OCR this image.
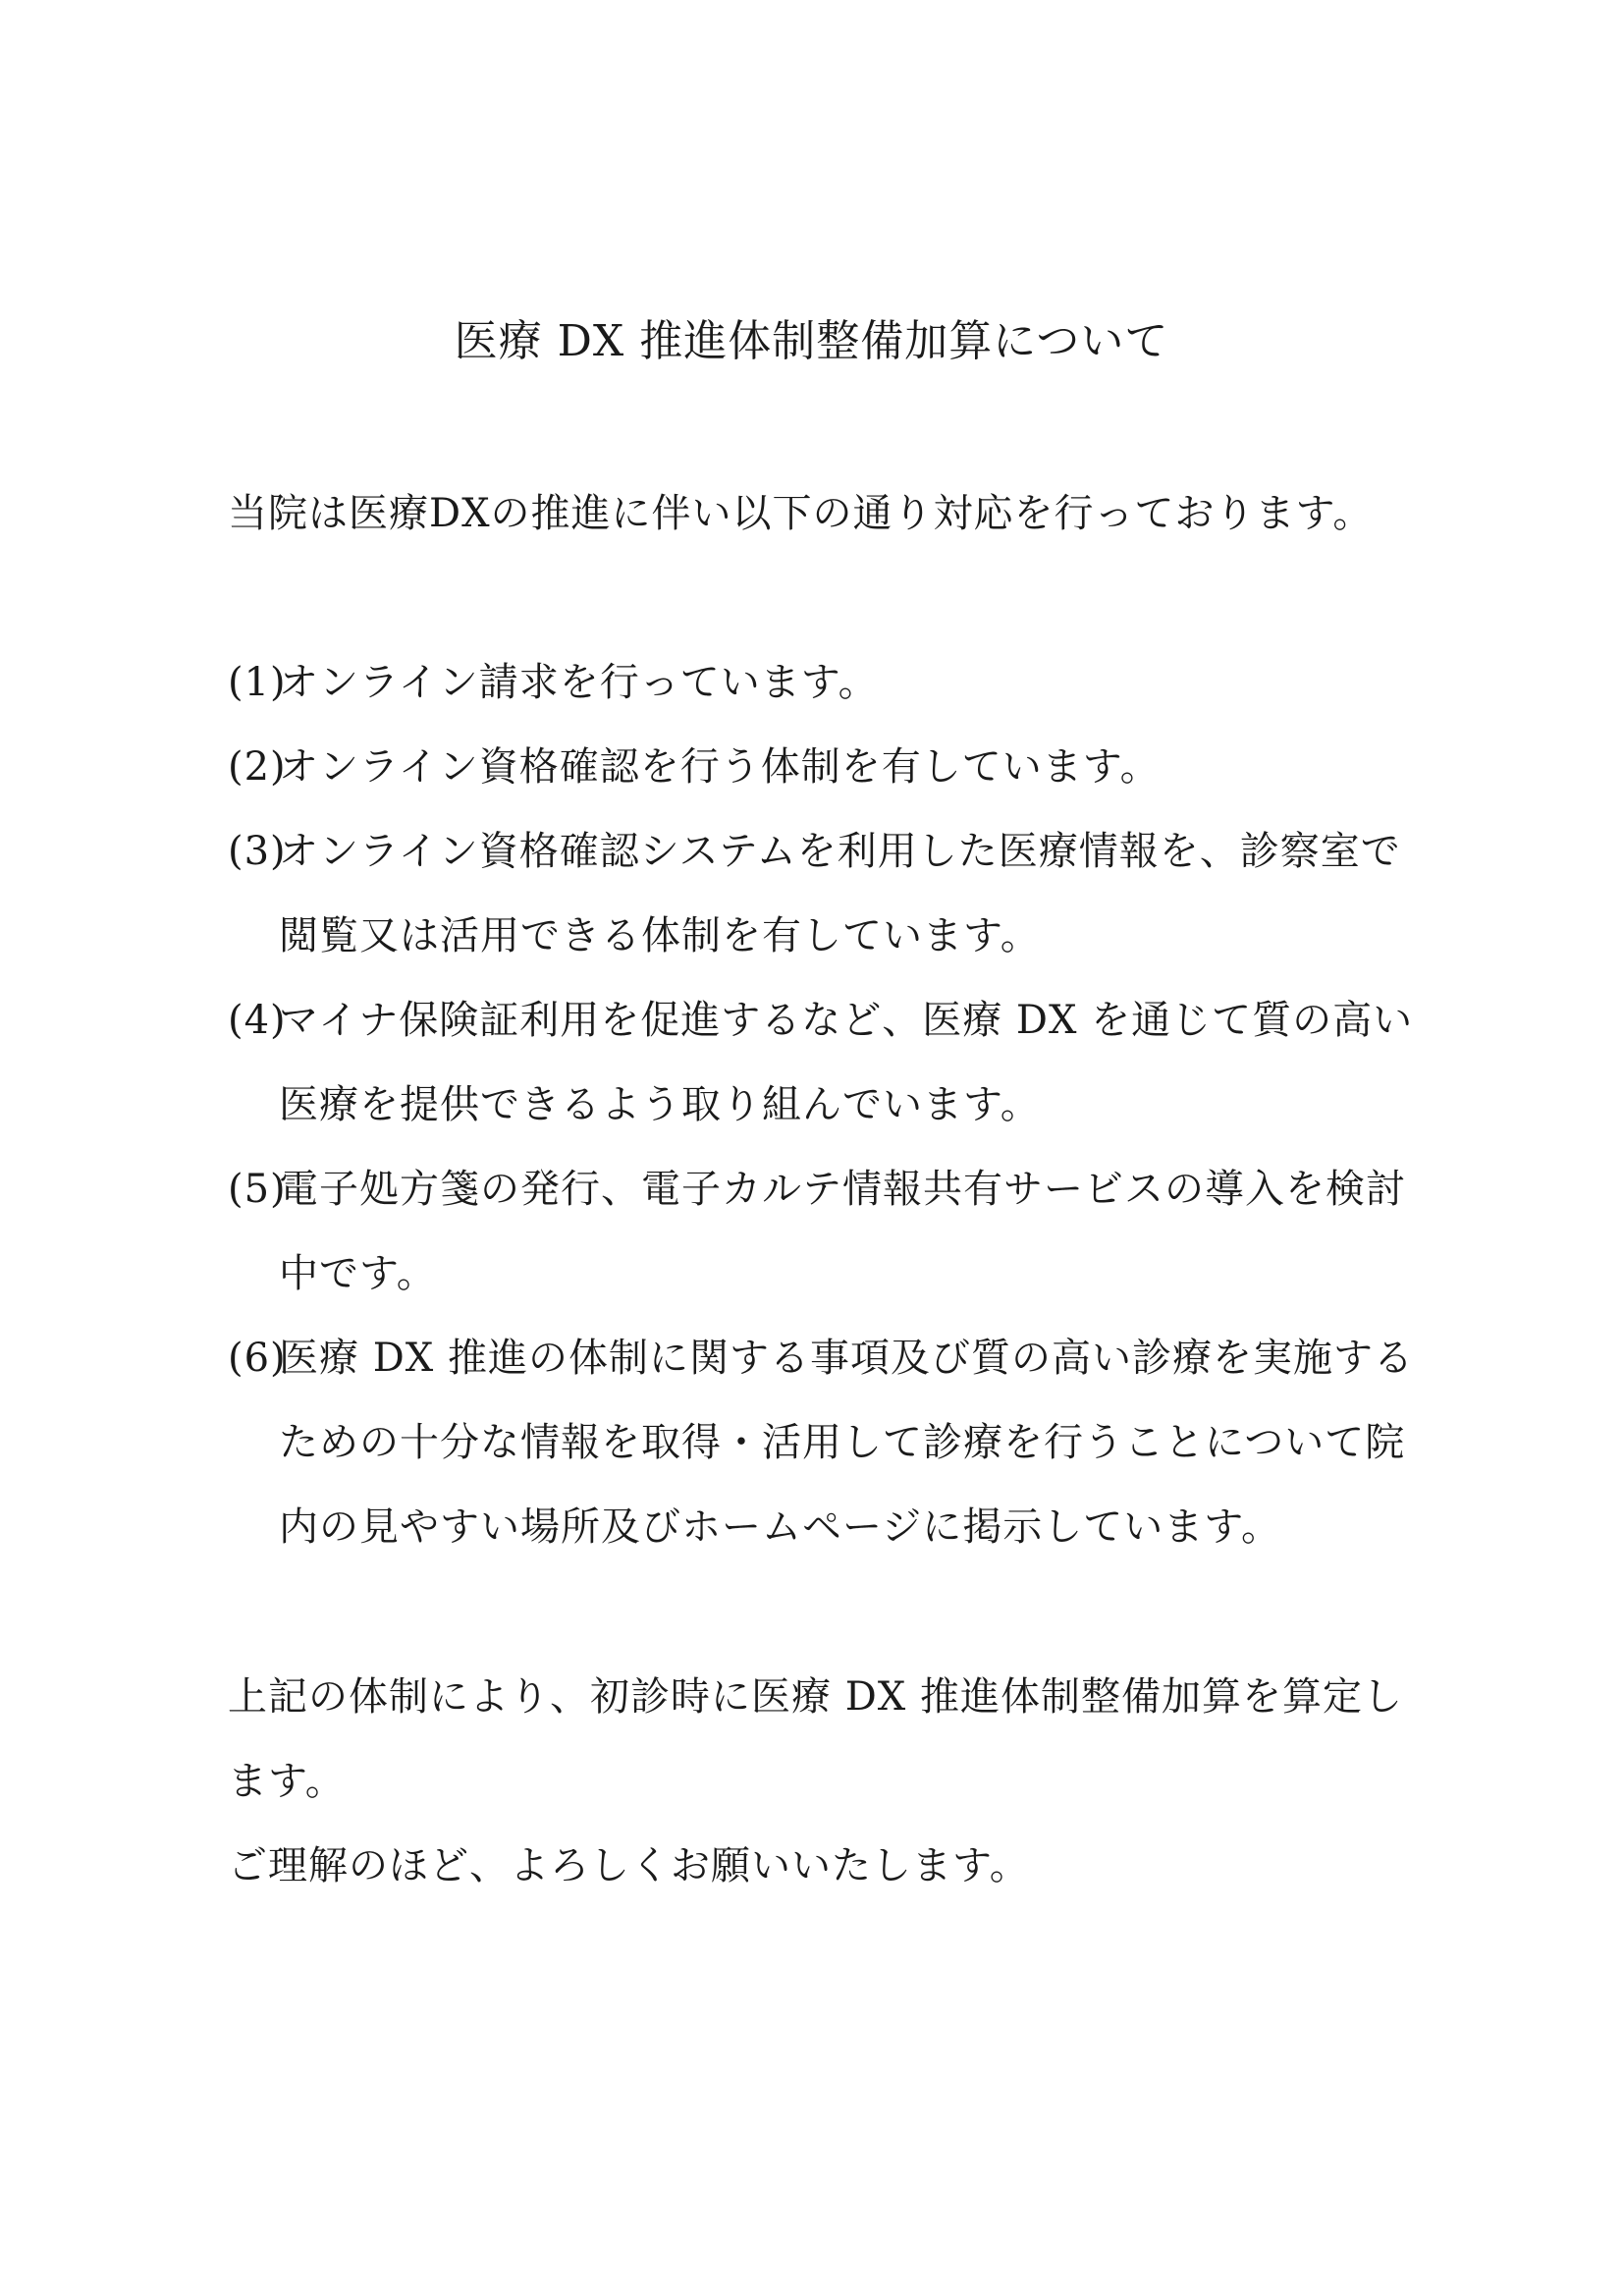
医療 DX 推進体制整備加算について
当院は医療DXの推進に伴い以下の通り対応を行っております。
(1)
オンライン請求を行っています。
(2)
オンライン資格確認を行う体制を有しています。
(3)
オンライン資格確認システムを利用した医療情報を、診察室で閲覧又は活用できる体制を有しています。
(4)
マイナ保険証利用を促進するなど、医療 DX を通じて質の高い医療を提供できるよう取り組んでいます。
(5)
電子処方箋の発行、電子カルテ情報共有サービスの導入を検討中です。
(6)
医療 DX 推進の体制に関する事項及び質の高い診療を実施するための十分な情報を取得・活用して診療を行うことについて院内の見やすい場所及びホームページに掲示しています。

上記の体制により、初診時に医療 DX 推進体制整備加算を算定します。

ご理解のほど、よろしくお願いいたします。
